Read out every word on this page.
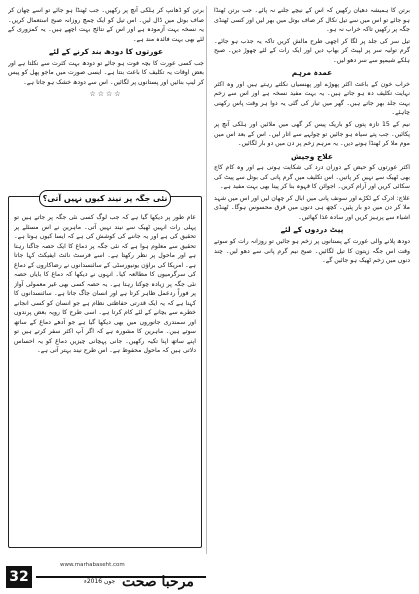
برتن کا ہمیشہ دھیان رکھیں کہ اس کے نیچے جلنے نہ پائے۔ جب برتن ٹھنڈا ہو جائے تو اس میں سے تیل نکال کر صاف بوتل میں بھر لیں اور کسی ٹھنڈی جگہ پر رکھیں تاکہ خراب نہ ہو۔

تیل سر کی جلد پر لگا کر اچھی طرح مالش کریں تاکہ یہ جذب ہو جائے۔ گرم تولیہ سر پر لپیٹ کر بھاپ دیں اور ایک رات کے لئے چھوڑ دیں۔ صبح ہلکے شیمپو سے سر دھو لیں۔

عمدہ مرہم

خراب خون کے باعث اکثر پھوڑے اور پھنسیاں نکلتے رہتے ہیں اور وہ اکثر نہایت تکلیف دہ ہو جاتے ہیں۔ یہ بہت مفید نسخہ ہے اور اس سے زخم بہت جلد بھر جاتے ہیں۔ گھر میں تیار کی گئی یہ دوا ہر وقت پاس رکھنی چاہئے۔

نیم کے 15 تازہ پتوں کو باریک پیس کر گھی میں ملائیں اور ہلکی آنچ پر پکائیں۔ جب پتے سیاہ ہو جائیں تو چولہے سے اتار لیں۔ اس کے بعد اس میں موم ملا کر ٹھنڈا ہونے دیں۔ یہ مرہم زخم پر دن میں دو بار لگائیں۔

علاج وجیش

اکثر عورتوں کو حیض کے دوران درد کی شکایت ہوتی ہے اور وہ کام کاج بھی ٹھیک سے نہیں کر پاتیں۔ اس تکلیف میں گرم پانی کی بوتل سے پیٹ کی سکائی کریں اور آرام کریں۔ اجوائن کا قہوہ بنا کر پینا بھی بہت مفید ہے۔

علاج: ادرک کے ٹکڑے اور سونف پانی میں ابال کر چھان لیں اور اس میں شہد ملا کر دن میں دو بار پئیں۔ کچھ ہی دنوں میں فرق محسوس ہوگا۔ ٹھنڈی اشیاء سے پرہیز کریں اور سادہ غذا کھائیں۔

پیٹ دردوں کے لئے

دودھ پلانے والی عورت کے پستانوں پر زخم ہو جائیں تو روزانہ رات کو سوتے وقت اس جگہ زیتون کا تیل لگائیں۔ صبح نیم گرم پانی سے دھو لیں۔ چند دنوں میں زخم ٹھیک ہو جائیں گے۔

برتن کو ڈھانپ کر ہلکی آنچ پر رکھیں۔ جب ٹھنڈا ہو جائے تو اسے چھان کر صاف بوتل میں ڈال لیں۔ اس تیل کو ایک چمچ روزانہ صبح استعمال کریں۔ یہ نسخہ بہت آزمودہ ہے اور اس کے نتائج بہت اچھے ہیں۔ یہ کمزوری کے لئے بھی بہت فائدہ مند ہے۔

عورتوں کا دودھ بند کرنے کے لئے

جب کسی عورت کا بچہ فوت ہو جائے تو دودھ بہت کثرت سے نکلتا ہے اور بعض اوقات یہ تکلیف کا باعث بنتا ہے۔ ایسی صورت میں ماجو پھل کو پیس کر لیپ بنائیں اور پستانوں پر لگائیں۔ اس سے دودھ خشک ہو جاتا ہے۔

☆☆☆☆
نئی جگہ پر نیند کیوں نہیں آتی؟
عام طور پر دیکھا گیا ہے کہ جب لوگ کسی نئی جگہ پر جاتے ہیں تو پہلی رات انہیں ٹھیک سے نیند نہیں آتی۔ ماہرین نے اس مسئلے پر تحقیق کی ہے اور یہ جاننے کی کوشش کی ہے کہ ایسا کیوں ہوتا ہے۔ تحقیق سے معلوم ہوا ہے کہ نئی جگہ پر دماغ کا ایک حصہ جاگتا رہتا ہے اور ماحول پر نظر رکھتا ہے۔ اسے فرسٹ نائٹ ایفیکٹ کہا جاتا ہے۔ امریکا کی براؤن یونیورسٹی کے سائنسدانوں نے رضاکاروں کے دماغ کی سرگرمیوں کا مطالعہ کیا۔ انہوں نے دیکھا کہ دماغ کا بایاں حصہ نئی جگہ پر زیادہ چوکنا رہتا ہے۔ یہ حصہ کسی بھی غیر معمولی آواز پر فوراً ردعمل ظاہر کرتا ہے اور انسان جاگ جاتا ہے۔ سائنسدانوں کا کہنا ہے کہ یہ ایک قدرتی حفاظتی نظام ہے جو انسان کو کسی انجانے خطرے سے بچانے کے لئے کام کرتا ہے۔ اسی طرح کا رویہ بعض پرندوں اور سمندری جانوروں میں بھی دیکھا گیا ہے جو آدھے دماغ کے ساتھ سوتے ہیں۔ ماہرین کا مشورہ ہے کہ اگر آپ اکثر سفر کرتے ہیں تو اپنے ساتھ اپنا تکیہ رکھیں۔ جانی پہچانی چیزیں دماغ کو یہ احساس دلاتی ہیں کہ ماحول محفوظ ہے۔ اس طرح نیند بہتر آتی ہے۔
32
www.marhabaseht.com
جون 2016ء مرحبا صحت
